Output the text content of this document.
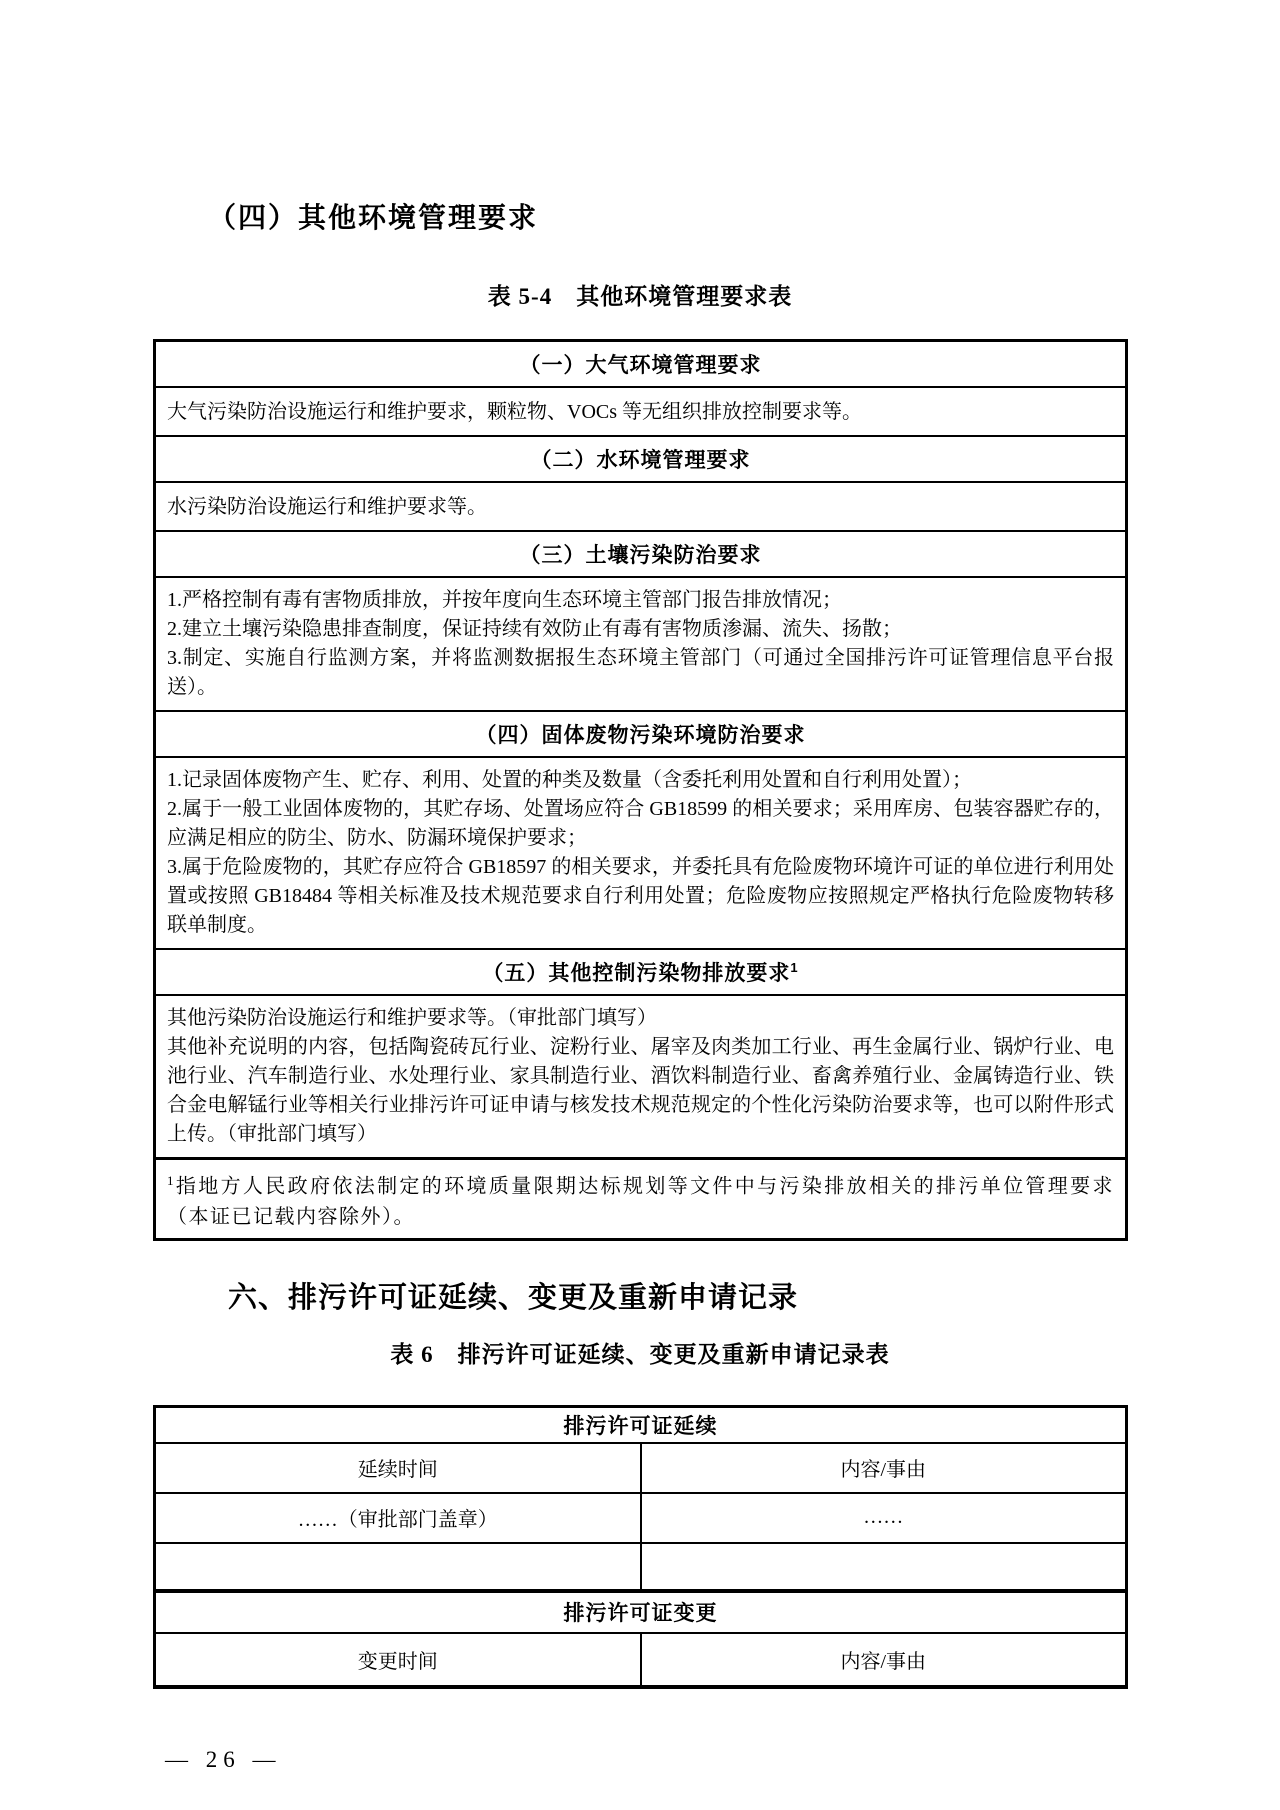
（四）其他环境管理要求
表 5-4　其他环境管理要求表
（一）大气环境管理要求
大气污染防治设施运行和维护要求，颗粒物、VOCs 等无组织排放控制要求等。
（二）水环境管理要求
水污染防治设施运行和维护要求等。
（三）土壤污染防治要求

1.严格控制有毒有害物质排放，并按年度向生态环境主管部门报告排放情况；
2.建立土壤污染隐患排查制度，保证持续有效防止有毒有害物质渗漏、流失、扬散；
3.制定、实施自行监测方案，并将监测数据报生态环境主管部门（可通过全国排污许可证管理信息平台报送）。

（四）固体废物污染环境防治要求

1.记录固体废物产生、贮存、利用、处置的种类及数量（含委托利用处置和自行利用处置）；
2.属于一般工业固体废物的，其贮存场、处置场应符合 GB18599 的相关要求；采用库房、包装容器贮存的，应满足相应的防尘、防水、防漏环境保护要求；
3.属于危险废物的，其贮存应符合 GB18597 的相关要求，并委托具有危险废物环境许可证的单位进行利用处置或按照 GB18484 等相关标准及技术规范要求自行利用处置；危险废物应按照规定严格执行危险废物转移联单制度。

（五）其他控制污染物排放要求$^1$

其他污染防治设施运行和维护要求等。（审批部门填写）
其他补充说明的内容，包括陶瓷砖瓦行业、淀粉行业、屠宰及肉类加工行业、再生金属行业、锅炉行业、电池行业、汽车制造行业、水处理行业、家具制造行业、酒饮料制造行业、畜禽养殖行业、金属铸造行业、铁合金电解锰行业等相关行业排污许可证申请与核发技术规范规定的个性化污染防治要求等，也可以附件形式上传。（审批部门填写）

$^1$指地方人民政府依法制定的环境质量限期达标规划等文件中与污染排放相关的排污单位管理要求（本证已记载内容除外）。
六、排污许可证延续、变更及重新申请记录
表 6　排污许可证延续、变更及重新申请记录表
排污许可证延续	
延续时间	内容/事由
……（审批部门盖章）	……

排污许可证变更	
变更时间	内容/事由
— 26 —
